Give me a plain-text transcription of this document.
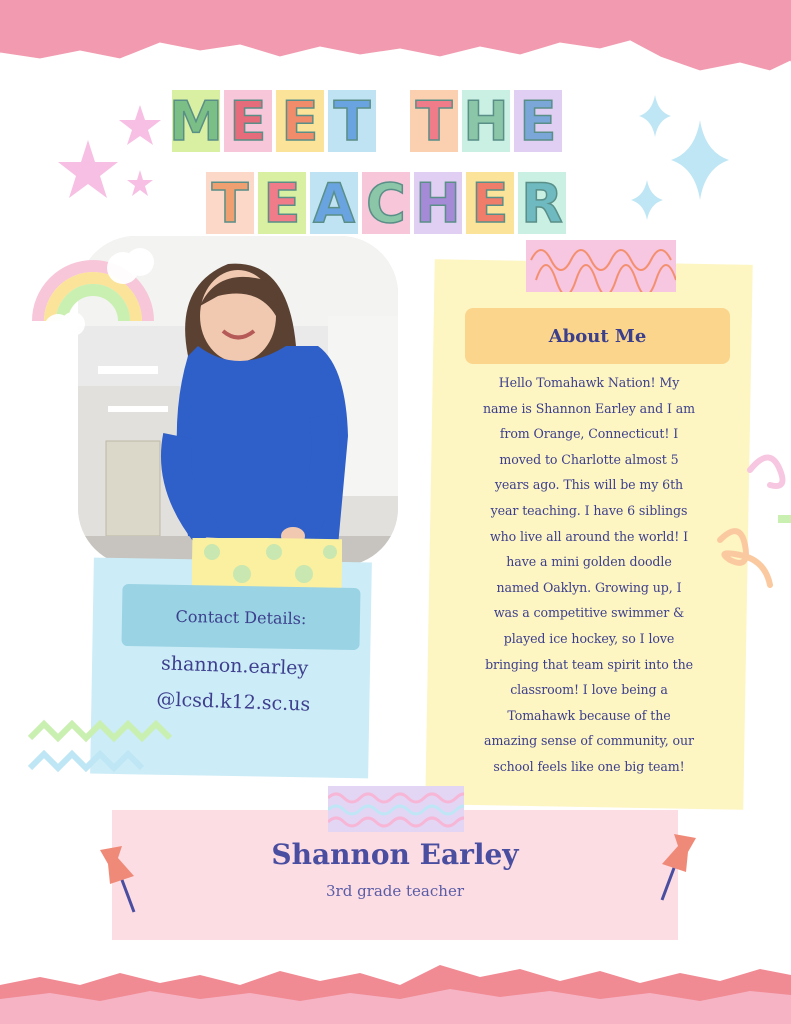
M E E T T H E
T E A C H E R
About Me
Hello Tomahawk Nation! My
name is Shannon Earley and I am
from Orange, Connecticut! I
moved to Charlotte almost 5
years ago. This will be my 6th
year teaching. I have 6 siblings
who live all around the world! I
have a mini golden doodle
named Oaklyn. Growing up, I
was a competitive swimmer &
played ice hockey, so I love
bringing that team spirit into the
classroom! I love being a
Tomahawk because of the
amazing sense of community, our
school feels like one big team!
Contact Details:
shannon.earley
@lcsd.k12.sc.us
Shannon Earley
3rd grade teacher
